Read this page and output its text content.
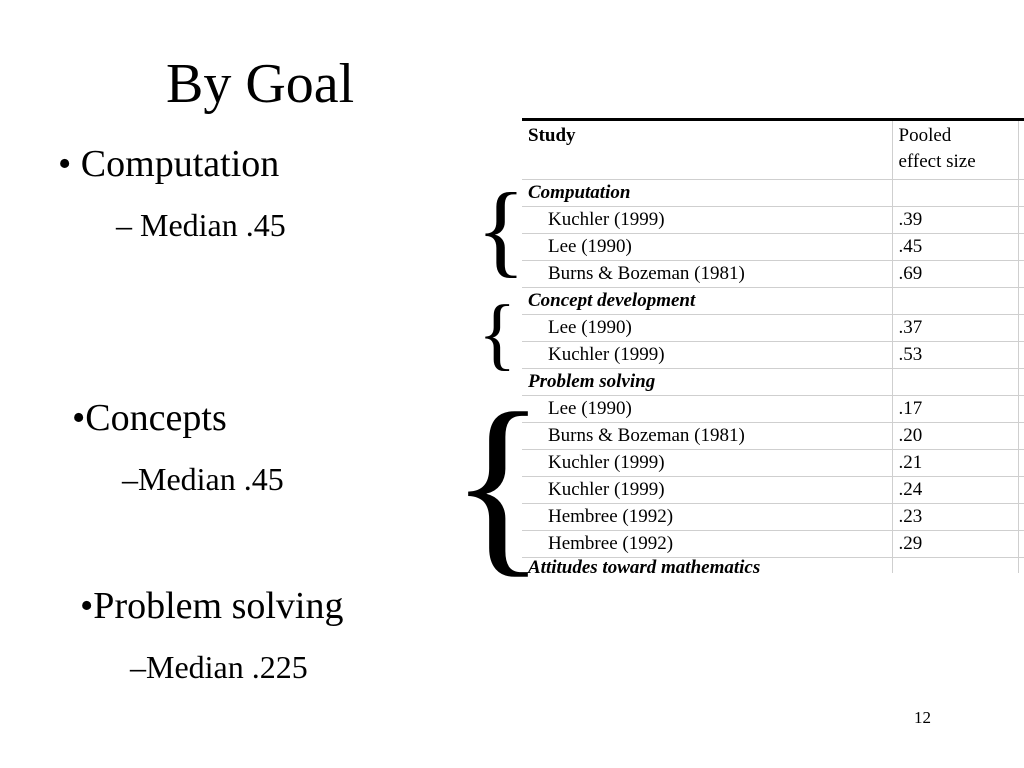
By Goal
• Computation
– Median .45
•Concepts
–Median .45
•Problem solving
–Median .225
{
{
{
Study	Pooled
effect size	
Computation		
Kuchler (1999)	.39	
Lee (1990)	.45	
Burns & Bozeman (1981)	.69	
Concept development		
Lee (1990)	.37	
Kuchler (1999)	.53	
Problem solving		
Lee (1990)	.17	
Burns & Bozeman (1981)	.20	
Kuchler (1999)	.21	
Kuchler (1999)	.24	
Hembree (1992)	.23	
Hembree (1992)	.29	
Attitudes toward mathematics		
12
